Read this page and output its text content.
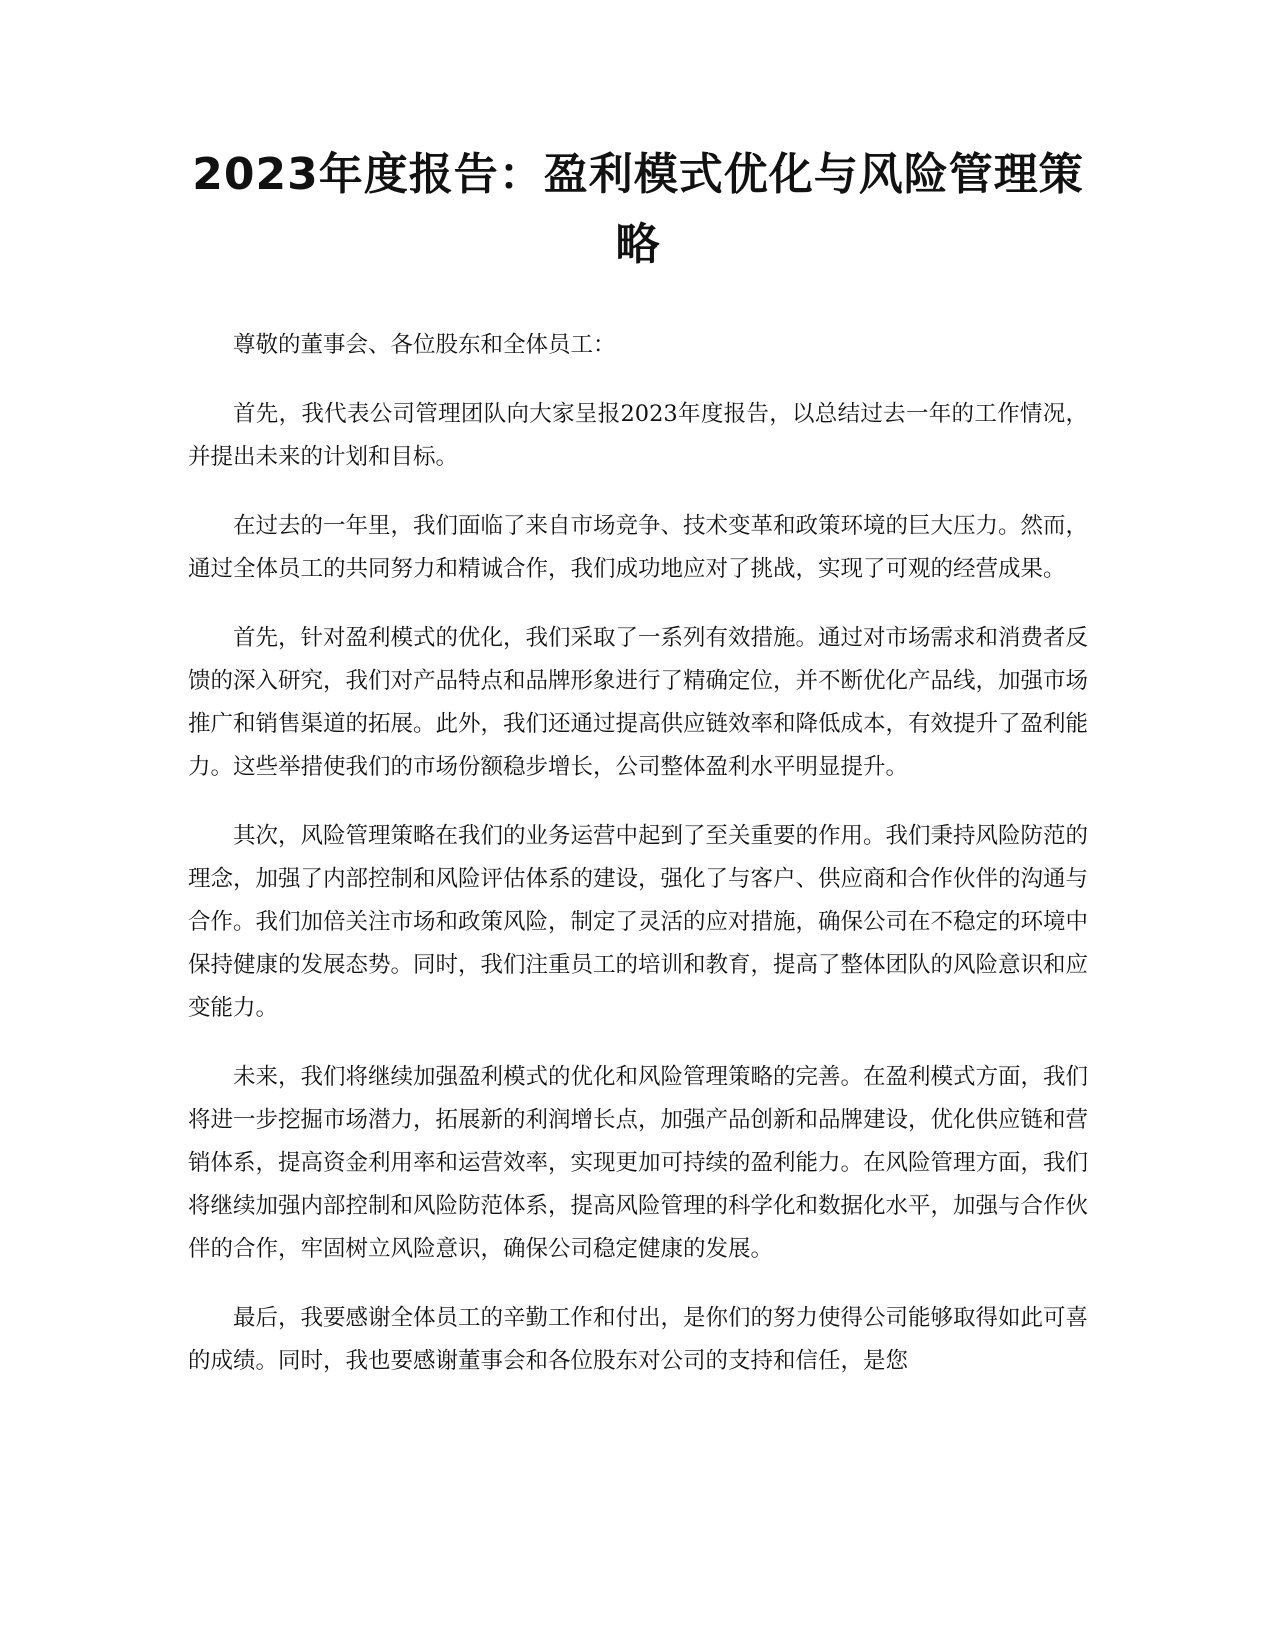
2023年度报告：盈利模式优化与风险管理策略

尊敬的董事会、各位股东和全体员工：

首先，我代表公司管理团队向大家呈报2023年度报告，以总结过去一年的工作情况，并提出未来的计划和目标。

在过去的一年里，我们面临了来自市场竞争、技术变革和政策环境的巨大压力。然而，通过全体员工的共同努力和精诚合作，我们成功地应对了挑战，实现了可观的经营成果。

首先，针对盈利模式的优化，我们采取了一系列有效措施。通过对市场需求和消费者反馈的深入研究，我们对产品特点和品牌形象进行了精确定位，并不断优化产品线，加强市场推广和销售渠道的拓展。此外，我们还通过提高供应链效率和降低成本，有效提升了盈利能力。这些举措使我们的市场份额稳步增长，公司整体盈利水平明显提升。

其次，风险管理策略在我们的业务运营中起到了至关重要的作用。我们秉持风险防范的理念，加强了内部控制和风险评估体系的建设，强化了与客户、供应商和合作伙伴的沟通与合作。我们加倍关注市场和政策风险，制定了灵活的应对措施，确保公司在不稳定的环境中保持健康的发展态势。同时，我们注重员工的培训和教育，提高了整体团队的风险意识和应变能力。

未来，我们将继续加强盈利模式的优化和风险管理策略的完善。在盈利模式方面，我们将进一步挖掘市场潜力，拓展新的利润增长点，加强产品创新和品牌建设，优化供应链和营销体系，提高资金利用率和运营效率，实现更加可持续的盈利能力。在风险管理方面，我们将继续加强内部控制和风险防范体系，提高风险管理的科学化和数据化水平，加强与合作伙伴的合作，牢固树立风险意识，确保公司稳定健康的发展。

最后，我要感谢全体员工的辛勤工作和付出，是你们的努力使得公司能够取得如此可喜的成绩。同时，我也要感谢董事会和各位股东对公司的支持和信任，是您
